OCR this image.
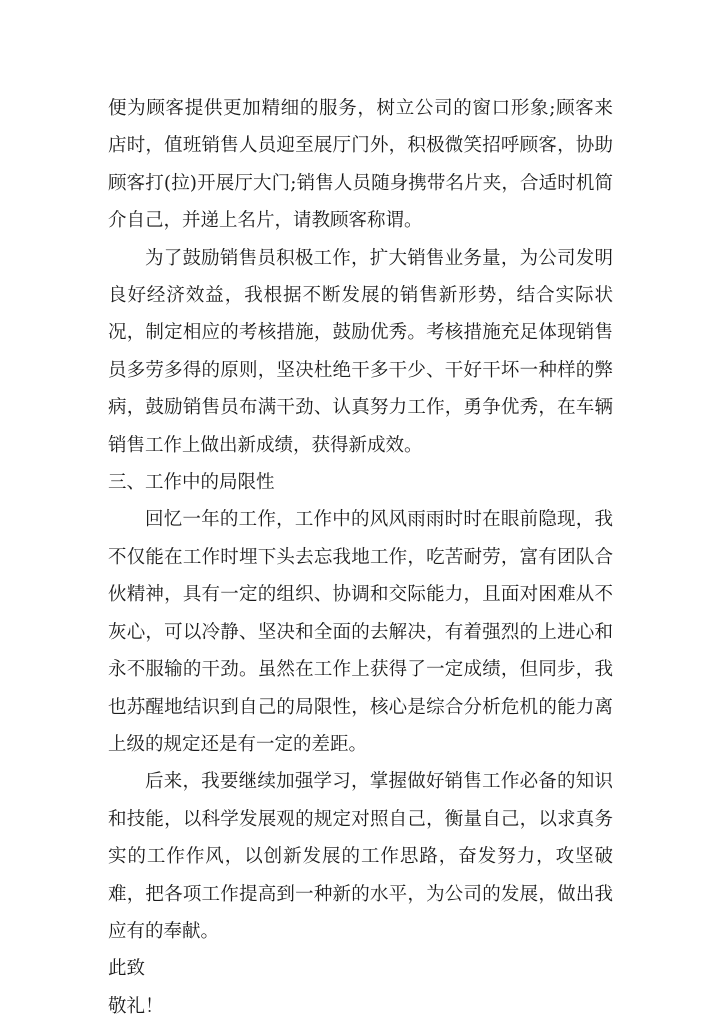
便为顾客提供更加精细的服务，树立公司的窗口形象;顾客来店时，值班销售人员迎至展厅门外，积极微笑招呼顾客，协助顾客打(拉)开展厅大门;销售人员随身携带名片夹，合适时机简介自己，并递上名片，请教顾客称谓。

为了鼓励销售员积极工作，扩大销售业务量，为公司发明良好经济效益，我根据不断发展的销售新形势，结合实际状况，制定相应的考核措施，鼓励优秀。考核措施充足体现销售员多劳多得的原则，坚决杜绝干多干少、干好干坏一种样的弊病，鼓励销售员布满干劲、认真努力工作，勇争优秀，在车辆销售工作上做出新成绩，获得新成效。

三、工作中的局限性

回忆一年的工作，工作中的风风雨雨时时在眼前隐现，我不仅能在工作时埋下头去忘我地工作，吃苦耐劳，富有团队合伙精神，具有一定的组织、协调和交际能力，且面对困难从不灰心，可以冷静、坚决和全面的去解决，有着强烈的上进心和永不服输的干劲。虽然在工作上获得了一定成绩，但同步，我也苏醒地结识到自己的局限性，核心是综合分析危机的能力离上级的规定还是有一定的差距。

后来，我要继续加强学习，掌握做好销售工作必备的知识和技能，以科学发展观的规定对照自己，衡量自己，以求真务实的工作作风，以创新发展的工作思路，奋发努力，攻坚破难，把各项工作提高到一种新的水平，为公司的发展，做出我应有的奉献。

此致

敬礼！
